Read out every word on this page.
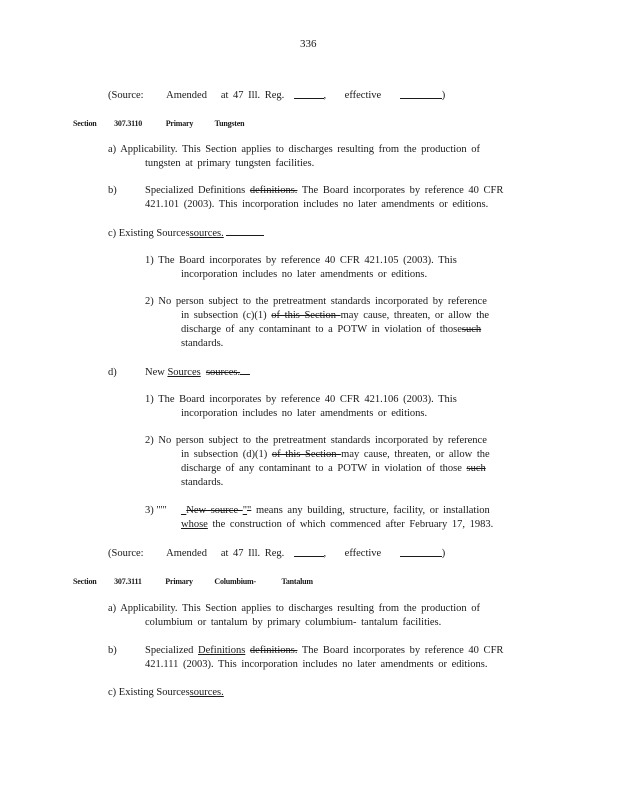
336
(Source: Amended at 47 Ill. Reg.	, effective	)
Section 307.3110	Primary	Tungsten
a) Applicability. This Section applies to discharges resulting from the production of
tungsten at primary tungsten facilities.
b)	Specialized Definitions definitions. The Board incorporates by reference 40 CFR
421.101 (2003). This incorporation includes no later amendments or editions.
c) Existing Sourcessources.
1) The Board incorporates by reference 40 CFR 421.105 (2003). This
incorporation includes no later amendments or editions.
2) No person subject to the pretreatment standards incorporated by reference
in subsection (c)(1) of this Section may cause, threaten, or allow the
discharge of any contaminant to a POTW in violation of thosesuch
standards.
d)	New Sources sources.
1) The Board incorporates by reference 40 CFR 421.106 (2003). This
incorporation includes no later amendments or editions.
2) No person subject to the pretreatment standards incorporated by reference
in subsection (d)(1) of this Section may cause, threaten, or allow the
discharge of any contaminant to a POTW in violation of those such
standards.
3) "'" _New source "" means any building, structure, facility, or installation
whose the construction of which commenced after February 17, 1983.
(Source: Amended at 47 Ill. Reg.	, effective	)
Section 307.3111	Primary	Columbium-	Tantalum
a) Applicability. This Section applies to discharges resulting from the production of
columbium or tantalum by primary columbium- tantalum facilities.
b)	Specialized Definitions definitions. The Board incorporates by reference 40 CFR
421.111 (2003). This incorporation includes no later amendments or editions.
c) Existing Sourcessources.
